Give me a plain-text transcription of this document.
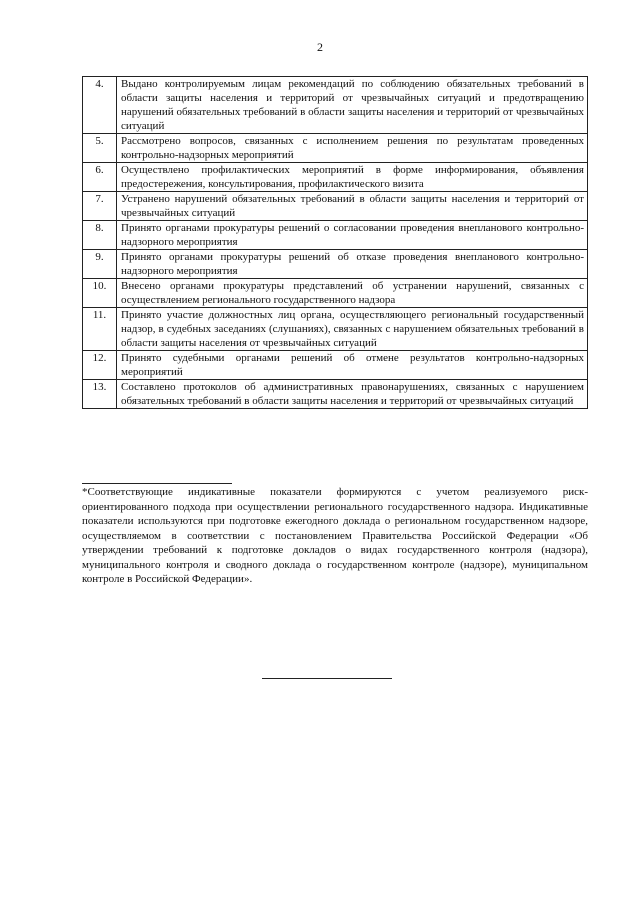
2
4.	Выдано контролируемым лицам рекомендаций по соблюдению обязательных требований в области защиты населения и территорий от чрезвычайных ситуаций и предотвращению нарушений обязательных требований в области защиты населения и территорий от чрезвычайных ситуаций
5.	Рассмотрено вопросов, связанных с исполнением решения по результатам проведенных контрольно-надзорных мероприятий
6.	Осуществлено профилактических мероприятий в форме информирования, объявления предостережения, консультирования, профилактического визита
7.	Устранено нарушений обязательных требований в области защиты населения и территорий от чрезвычайных ситуаций
8.	Принято органами прокуратуры решений о согласовании проведения внепланового контрольно-надзорного мероприятия
9.	Принято органами прокуратуры решений об отказе проведения внепланового контрольно-надзорного мероприятия
10.	Внесено органами прокуратуры представлений об устранении нарушений, связанных с осуществлением регионального государственного надзора
11.	Принято участие должностных лиц органа, осуществляющего региональный государственный надзор, в судебных заседаниях (слушаниях), связанных с нарушением обязательных требований в области защиты населения от чрезвычайных ситуаций
12.	Принято судебными органами решений об отмене результатов контрольно-надзорных мероприятий
13.	Составлено протоколов об административных правонарушениях, связанных с нарушением обязательных требований в области защиты населения и территорий от чрезвычайных ситуаций
*Соответствующие индикативные показатели формируются с учетом реализуемого риск-ориентированного подхода при осуществлении регионального государственного надзора. Индикативные показатели используются при подготовке ежегодного доклада о региональном государственном надзоре, осуществляемом в соответствии с постановлением Правительства Российской Федерации «Об утверждении требований к подготовке докладов о видах государственного контроля (надзора), муниципального контроля и сводного доклада о государственном контроле (надзоре), муниципальном контроле в Российской Федерации».
